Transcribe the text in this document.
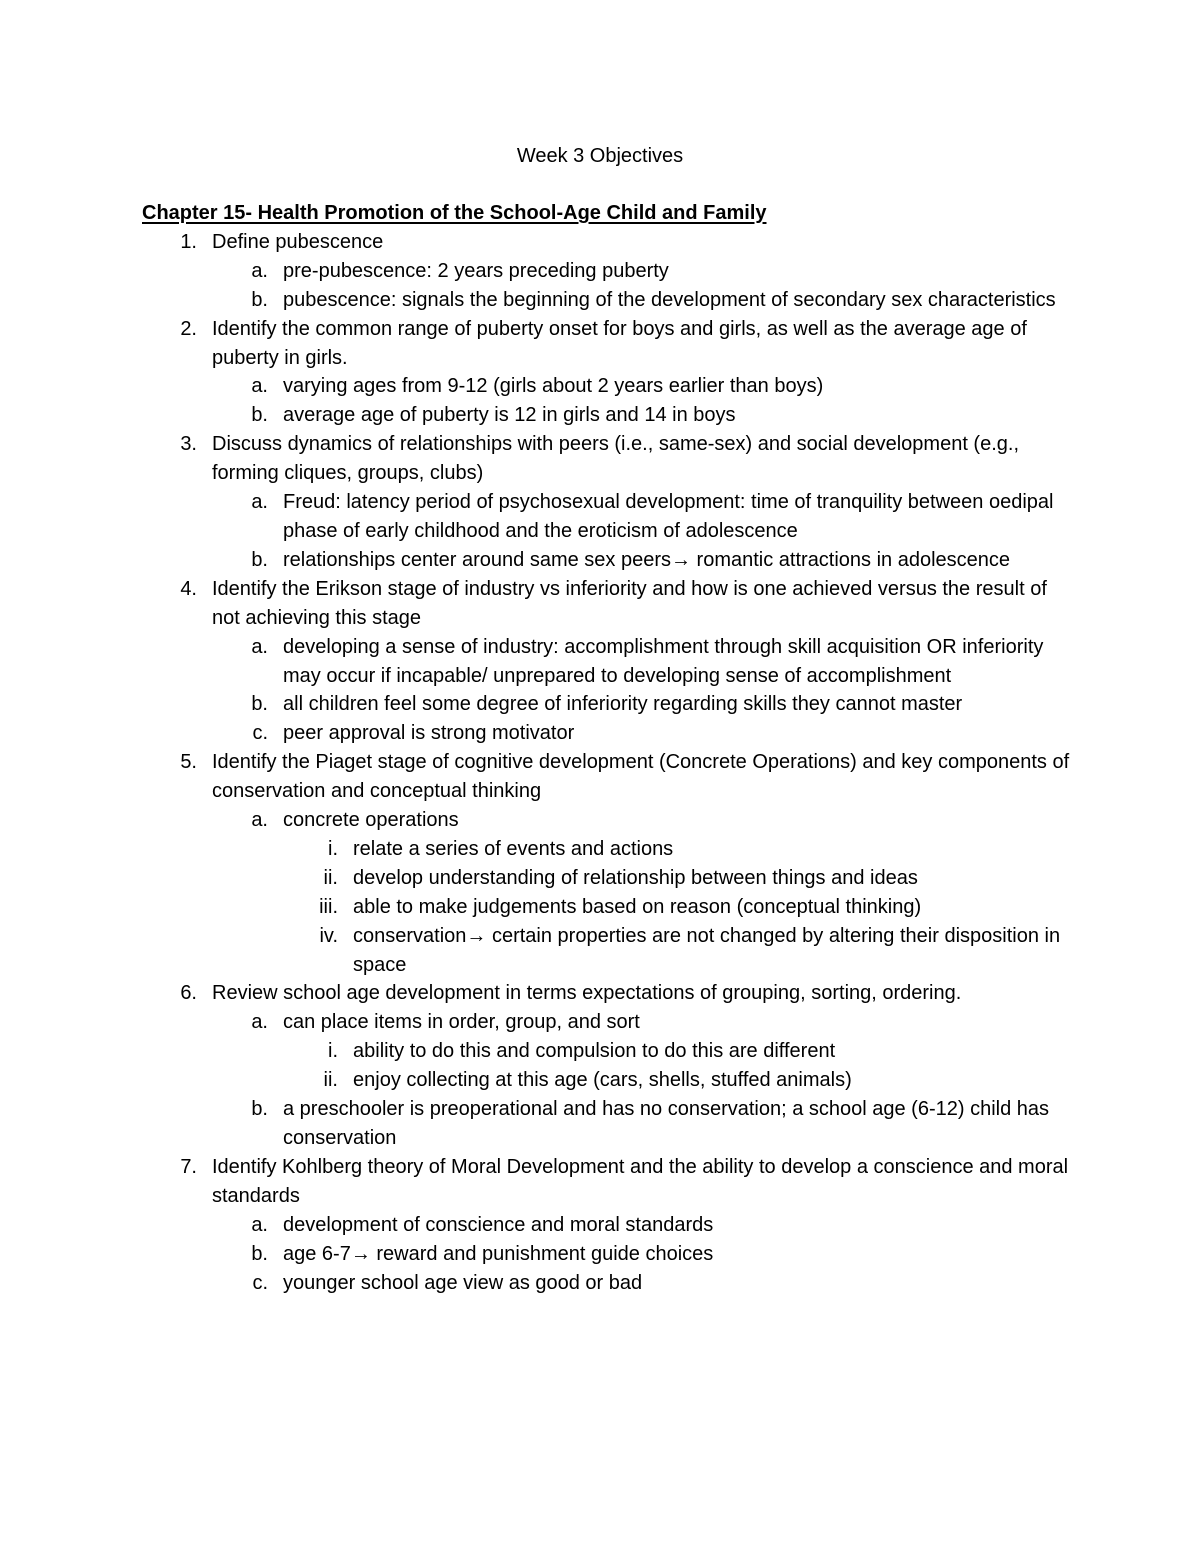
Week 3 Objectives
Chapter 15- Health Promotion of the School-Age Child and Family
1. Define pubescence
a. pre-pubescence: 2 years preceding puberty
b. pubescence: signals the beginning of the development of secondary sex characteristics
2. Identify the common range of puberty onset for boys and girls, as well as the average age of puberty in girls.
a. varying ages from 9-12 (girls about 2 years earlier than boys)
b. average age of puberty is 12 in girls and 14 in boys
3. Discuss dynamics of relationships with peers (i.e., same-sex) and social development (e.g., forming cliques, groups, clubs)
a. Freud: latency period of psychosexual development: time of tranquility between oedipal phase of early childhood and the eroticism of adolescence
b. relationships center around same sex peers→ romantic attractions in adolescence
4. Identify the Erikson stage of industry vs inferiority and how is one achieved versus the result of not achieving this stage
a. developing a sense of industry: accomplishment through skill acquisition OR inferiority may occur if incapable/ unprepared to developing sense of accomplishment
b. all children feel some degree of inferiority regarding skills they cannot master
c. peer approval is strong motivator
5. Identify the Piaget stage of cognitive development (Concrete Operations) and key components of conservation and conceptual thinking
a. concrete operations
i. relate a series of events and actions
ii. develop understanding of relationship between things and ideas
iii. able to make judgements based on reason (conceptual thinking)
iv. conservation→ certain properties are not changed by altering their disposition in space
6. Review school age development in terms expectations of grouping, sorting, ordering.
a. can place items in order, group, and sort
i. ability to do this and compulsion to do this are different
ii. enjoy collecting at this age (cars, shells, stuffed animals)
b. a preschooler is preoperational and has no conservation; a school age (6-12) child has conservation
7. Identify Kohlberg theory of Moral Development and the ability to develop a conscience and moral standards
a. development of conscience and moral standards
b. age 6-7→ reward and punishment guide choices
c. younger school age view as good or bad
